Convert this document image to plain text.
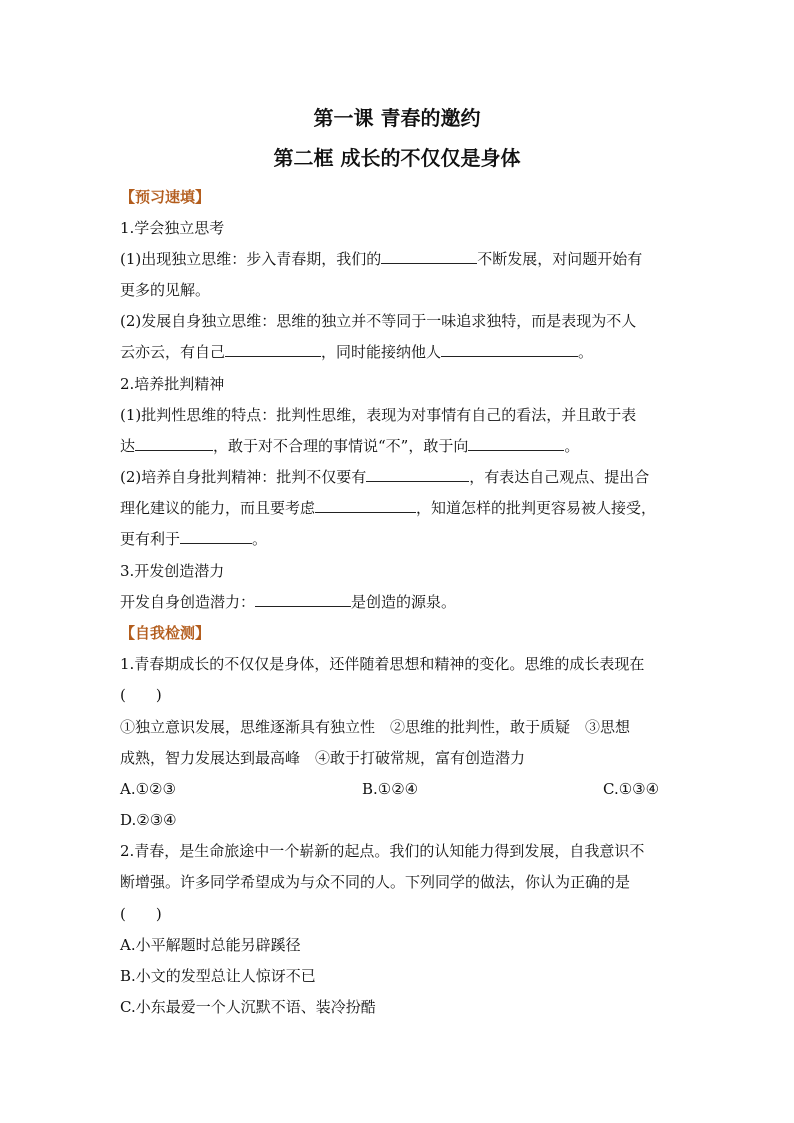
第一课 青春的邀约
第二框 成长的不仅仅是身体
【预习速填】
1.学会独立思考
(1)出现独立思维：步入青春期，我们的	不断发展，对问题开始有
更多的见解。
(2)发展自身独立思维：思维的独立并不等同于一味追求独特，而是表现为不人
云亦云，有自己	，同时能接纳他人	。
2.培养批判精神
(1)批判性思维的特点：批判性思维，表现为对事情有自己的看法，并且敢于表
达	，敢于对不合理的事情说“不”，敢于向	。
(2)培养自身批判精神：批判不仅要有	，有表达自己观点、提出合
理化建议的能力，而且要考虑	，知道怎样的批判更容易被人接受，
更有利于	。
3.开发创造潜力
开发自身创造潜力：	是创造的源泉。
【自我检测】
1.青春期成长的不仅仅是身体，还伴随着思想和精神的变化。思维的成长表现在
(　　)
①独立意识发展，思维逐渐具有独立性　②思维的批判性，敢于质疑　③思想
成熟，智力发展达到最高峰　④敢于打破常规，富有创造潜力
A.①②③	B.①②④	C.①③④
D.②③④
2.青春，是生命旅途中一个崭新的起点。我们的认知能力得到发展，自我意识不
断增强。许多同学希望成为与众不同的人。下列同学的做法，你认为正确的是
(　　)
A.小平解题时总能另辟蹊径
B.小文的发型总让人惊讶不已
C.小东最爱一个人沉默不语、装冷扮酷
